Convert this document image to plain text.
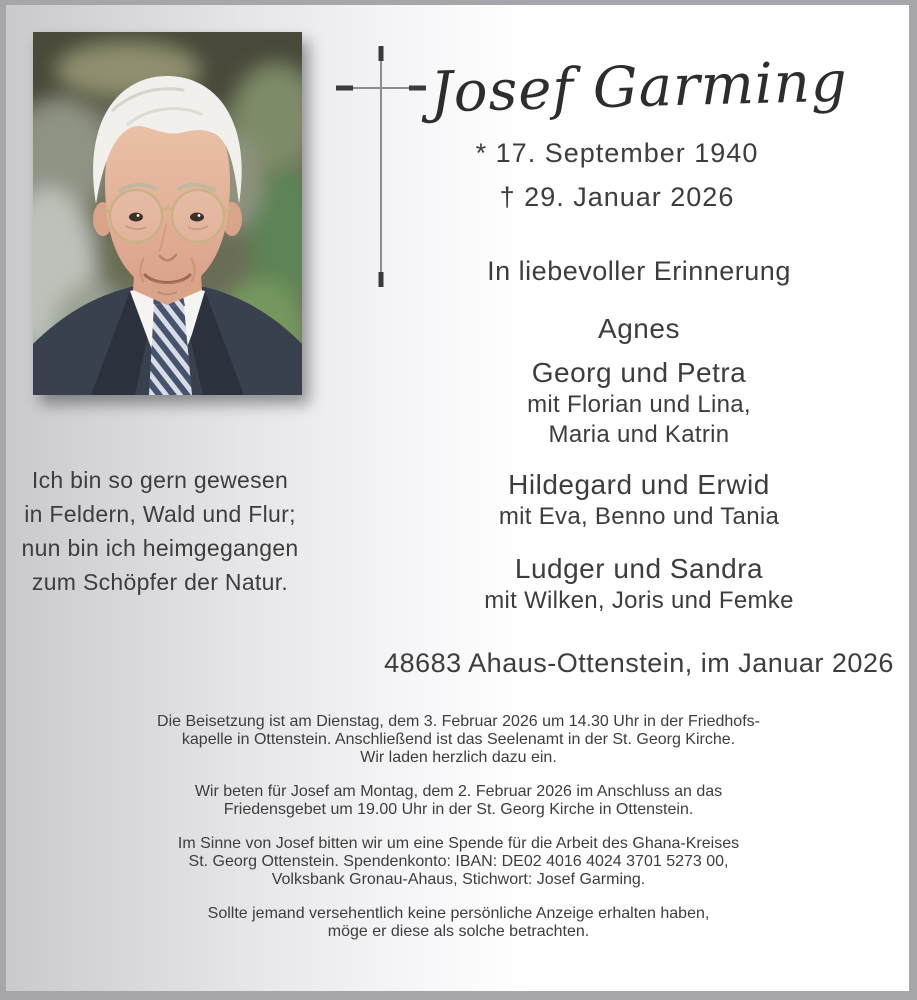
Josef Garming
* 17. September 1940
† 29. Januar 2026
In liebevoller Erinnerung
Agnes
Georg und Petra
mit Florian und Lina,
Maria und Katrin
Hildegard und Erwid
mit Eva, Benno und Tania
Ludger und Sandra
mit Wilken, Joris und Femke
48683 Ahaus-Ottenstein, im Januar 2026
Ich bin so gern gewesen
in Feldern, Wald und Flur;
nun bin ich heimgegangen
zum Schöpfer der Natur.

Die Beisetzung ist am Dienstag, dem 3. Februar 2026 um 14.30 Uhr in der Friedhofs-
kapelle in Ottenstein. Anschließend ist das Seelenamt in der St. Georg Kirche.
Wir laden herzlich dazu ein.

Wir beten für Josef am Montag, dem 2. Februar 2026 im Anschluss an das
Friedensgebet um 19.00 Uhr in der St. Georg Kirche in Ottenstein.

Im Sinne von Josef bitten wir um eine Spende für die Arbeit des Ghana-Kreises
St. Georg Ottenstein. Spendenkonto: IBAN: DE02 4016 4024 3701 5273 00,
Volksbank Gronau-Ahaus, Stichwort: Josef Garming.

Sollte jemand versehentlich keine persönliche Anzeige erhalten haben,
möge er diese als solche betrachten.
